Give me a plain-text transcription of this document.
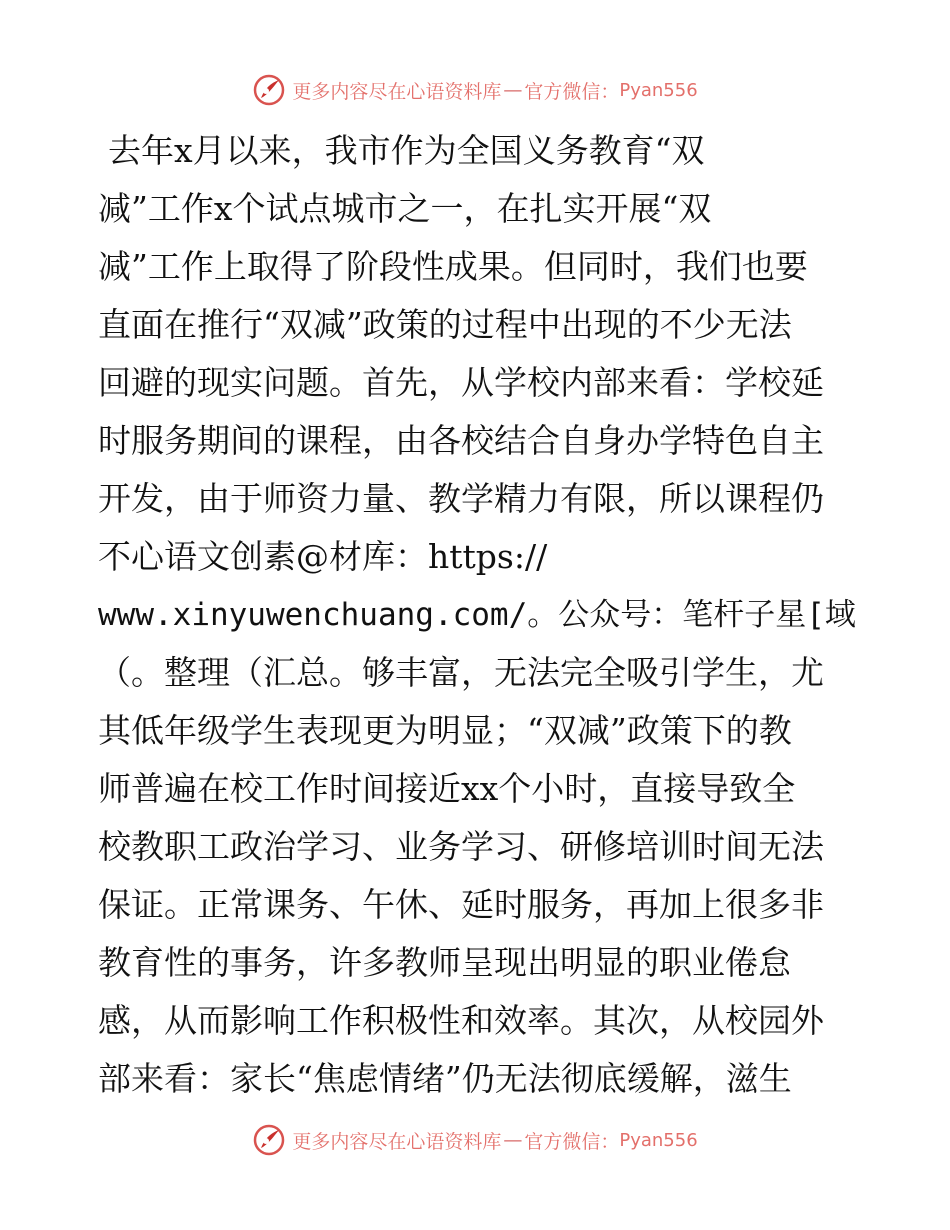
更多内容尽在心语资料库 — 官方微信： Pyan556
去年x月以来，我市作为全国义务教育“双
减”工作x个试点城市之一，在扎实开展“双
减”工作上取得了阶段性成果。但同时，我们也要
直面在推行“双减”政策的过程中出现的不少无法
回避的现实问题。首先，从学校内部来看：学校延
时服务期间的课程，由各校结合自身办学特色自主
开发，由于师资力量、教学精力有限，所以课程仍
不心语文创素@材库：https://
www.xinyuwenchuang.com/。公众号：笔杆子星[域
（。整理（汇总。够丰富，无法完全吸引学生，尤
其低年级学生表现更为明显；“双减”政策下的教
师普遍在校工作时间接近xx个小时，直接导致全
校教职工政治学习、业务学习、研修培训时间无法
保证。正常课务、午休、延时服务，再加上很多非
教育性的事务，许多教师呈现出明显的职业倦怠
感，从而影响工作积极性和效率。其次，从校园外
部来看：家长“焦虑情绪”仍无法彻底缓解，滋生
更多内容尽在心语资料库 — 官方微信： Pyan556
